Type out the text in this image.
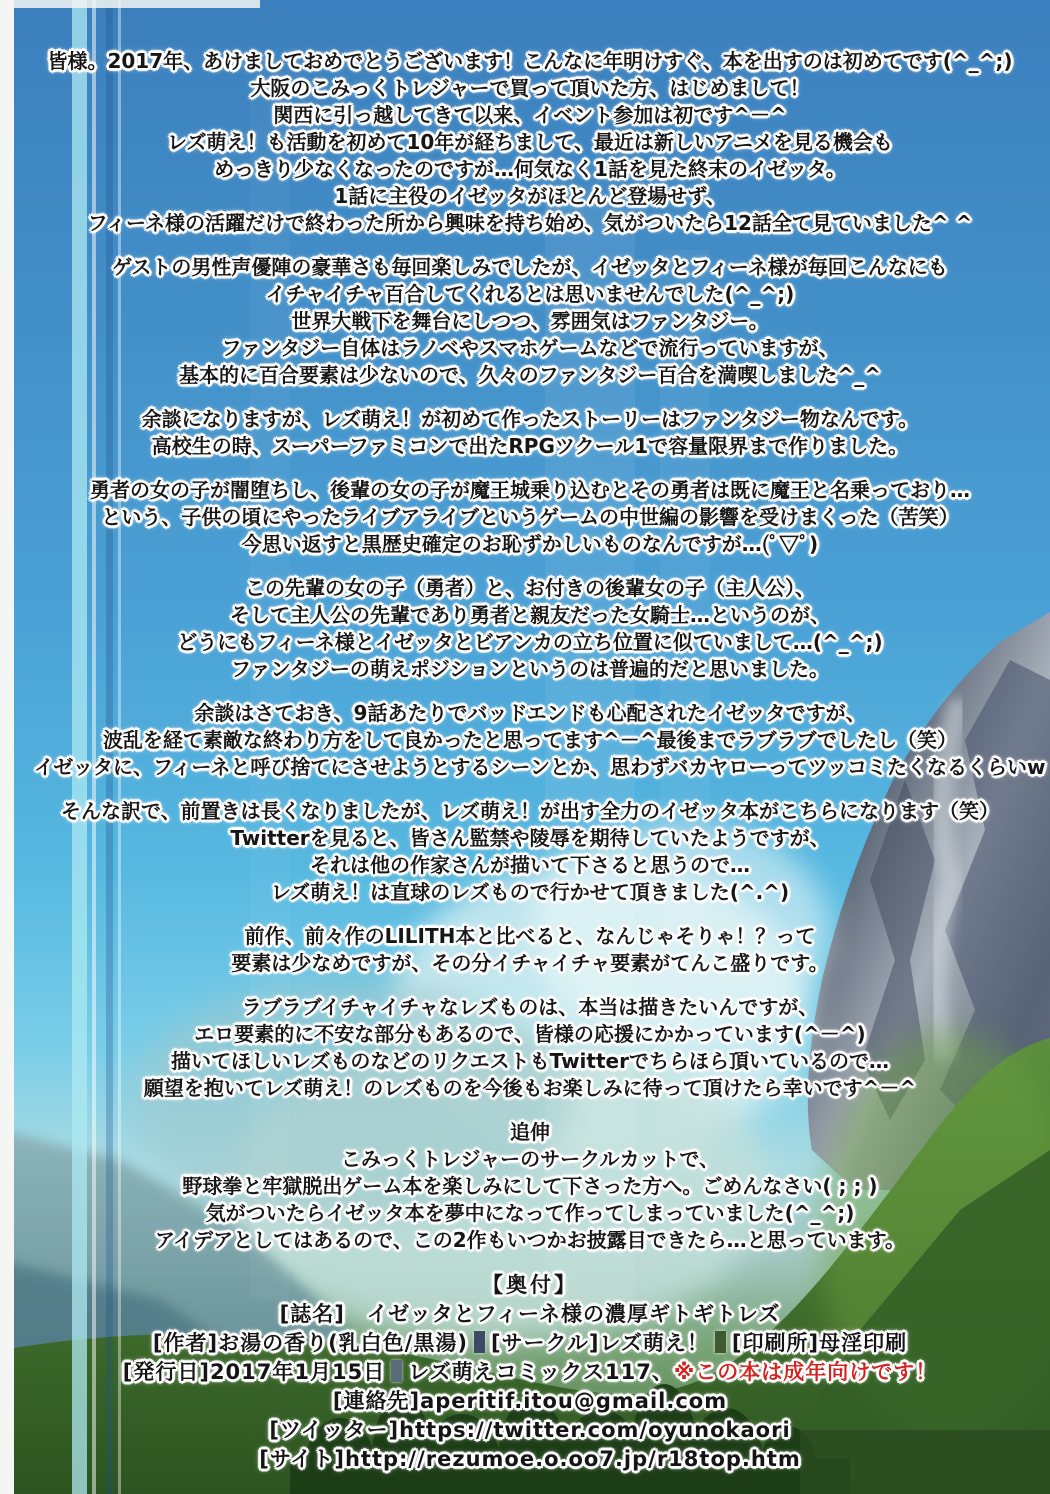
皆様。2017年、あけましておめでとうございます！こんなに年明けすぐ、本を出すのは初めてです(^_^;)
大阪のこみっくトレジャーで買って頂いた方、はじめまして！
関西に引っ越してきて以来、イベント参加は初です^－^
レズ萌え！も活動を初めて10年が経ちまして、最近は新しいアニメを見る機会も
めっきり少なくなったのですが…何気なく1話を見た終末のイゼッタ。
1話に主役のイゼッタがほとんど登場せず、
フィーネ様の活躍だけで終わった所から興味を持ち始め、気がついたら12話全て見ていました^ ^
ゲストの男性声優陣の豪華さも毎回楽しみでしたが、イゼッタとフィーネ様が毎回こんなにも
イチャイチャ百合してくれるとは思いませんでした(^_^;)
世界大戦下を舞台にしつつ、雰囲気はファンタジー。
ファンタジー自体はラノベやスマホゲームなどで流行っていますが、
基本的に百合要素は少ないので、久々のファンタジー百合を満喫しました^_^
余談になりますが、レズ萌え！が初めて作ったストーリーはファンタジー物なんです。
高校生の時、スーパーファミコンで出たRPGツクール1で容量限界まで作りました。
勇者の女の子が闇堕ちし、後輩の女の子が魔王城乗り込むとその勇者は既に魔王と名乗っており…
という、子供の頃にやったライブアライブというゲームの中世編の影響を受けまくった（苦笑）
今思い返すと黒歴史確定のお恥ずかしいものなんですが…(ﾟ▽ﾟ)
この先輩の女の子（勇者）と、お付きの後輩女の子（主人公）、
そして主人公の先輩であり勇者と親友だった女騎士…というのが、
どうにもフィーネ様とイゼッタとビアンカの立ち位置に似ていまして…(^_^;)
ファンタジーの萌えポジションというのは普遍的だと思いました。
余談はさておき、9話あたりでバッドエンドも心配されたイゼッタですが、
波乱を経て素敵な終わり方をして良かったと思ってます^－^最後までラブラブでしたし（笑）
イゼッタに、フィーネと呼び捨てにさせようとするシーンとか、思わずバカヤローってツッコミたくなるくらいw
そんな訳で、前置きは長くなりましたが、レズ萌え！が出す全力のイゼッタ本がこちらになります（笑）
Twitterを見ると、皆さん監禁や陵辱を期待していたようですが、
それは他の作家さんが描いて下さると思うので…
レズ萌え！は直球のレズもので行かせて頂きました(^.^)
前作、前々作のLILITH本と比べると、なんじゃそりゃ！？って
要素は少なめですが、その分イチャイチャ要素がてんこ盛りです。
ラブラブイチャイチャなレズものは、本当は描きたいんですが、
エロ要素的に不安な部分もあるので、皆様の応援にかかっています(^－^)
描いてほしいレズものなどのリクエストもTwitterでちらほら頂いているので…
願望を抱いてレズ萌え！のレズものを今後もお楽しみに待って頂けたら幸いです^－^
追伸
こみっくトレジャーのサークルカットで、
野球拳と牢獄脱出ゲーム本を楽しみにして下さった方へ。ごめんなさい( ; ; )
気がついたらイゼッタ本を夢中になって作ってしまっていました(^_^;)
アイデアとしてはあるので、この2作もいつかお披露目できたら…と思っています。
【奥付】
[誌名]　イゼッタとフィーネ様の濃厚ギトギトレズ
[作者]お湯の香り(乳白色/黒湯) [サークル]レズ萌え！ [印刷所]母淫印刷
[発行日]2017年1月15日 レズ萌えコミックス117、※この本は成年向けです！
[連絡先]aperitif.itou@gmail.com
[ツイッター]https://twitter.com/oyunokaori
[サイト]http://rezumoe.o.oo7.jp/r18top.htm
